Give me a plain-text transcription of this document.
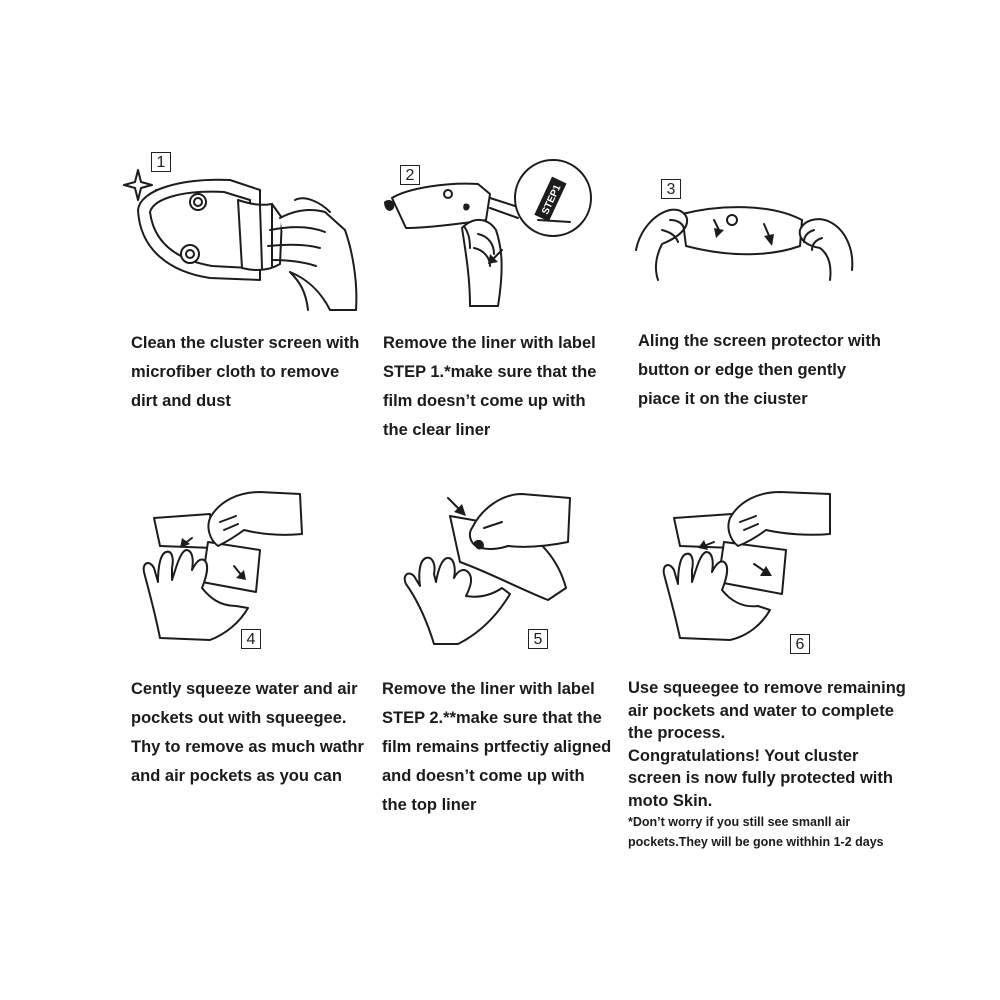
1

Clean the cluster screen with

microfiber cloth to remove

dirt and dust

2
STEP1

Remove the liner with label

STEP 1.*make sure that the

film doesn’t come up with

the clear liner

3

Aling the screen protector with

button or edge then gently

piace it on the ciuster

4

Cently squeeze water and air

pockets out with squeegee.

Thy to remove as much wathr

and air pockets as you can

5

Remove the liner with label

STEP 2.**make sure that the

film remains prtfectiy aligned

and doesn’t come up with

the top liner

6

Use squeegee to remove remaining

air pockets and water to complete

the process.

Congratulations! Yout cluster

screen is now fully protected with

moto Skin.

*Don’t worry if you still see smanll air

pockets.They will be gone withhin 1-2 days
